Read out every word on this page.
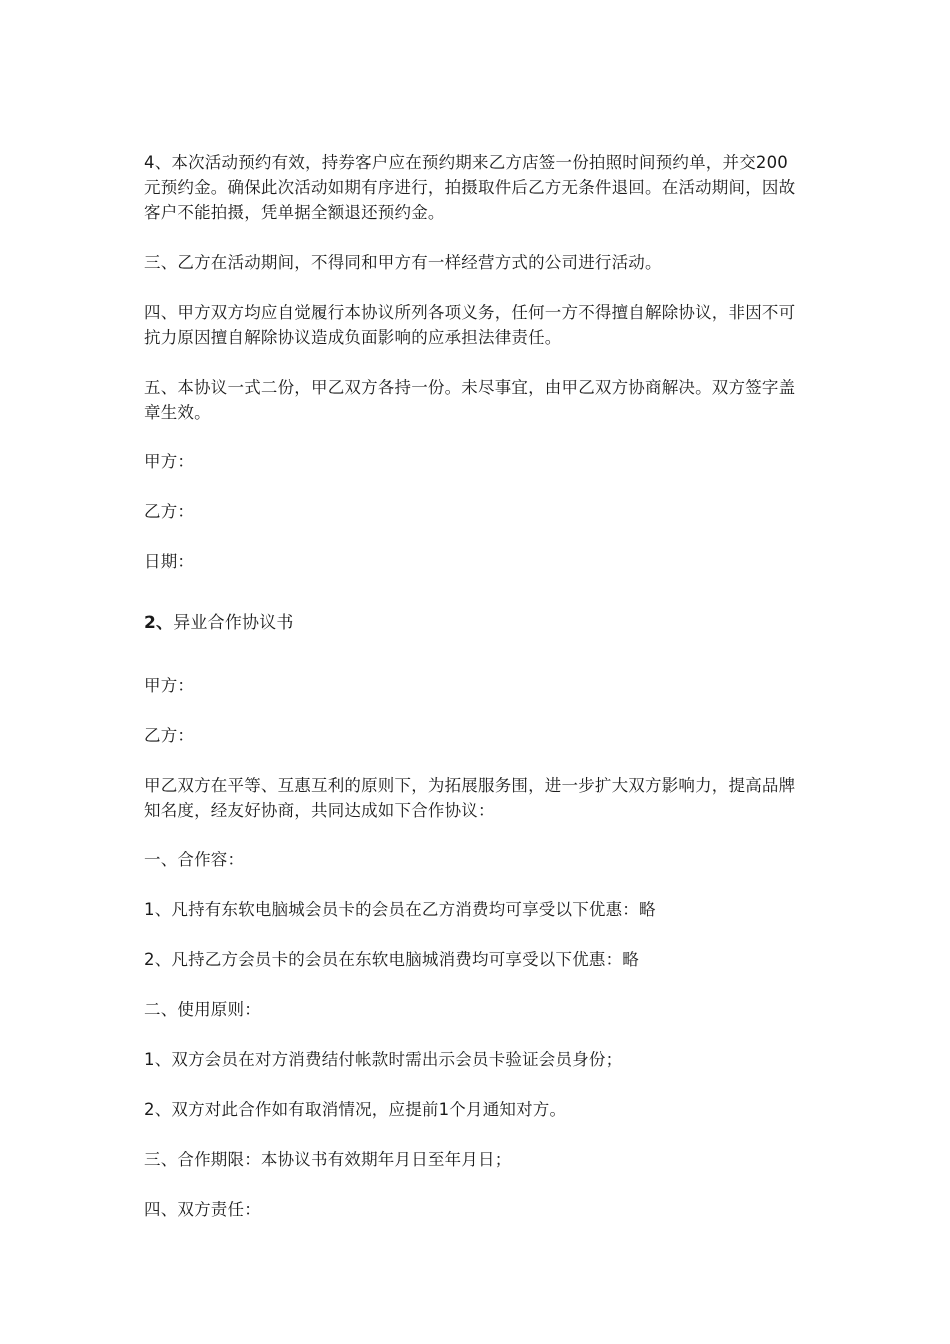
4、本次活动预约有效，持券客户应在预约期来乙方店签一份拍照时间预约单，并交200元预约金。确保此次活动如期有序进行，拍摄取件后乙方无条件退回。在活动期间，因故客户不能拍摄，凭单据全额退还预约金。

三、乙方在活动期间，不得同和甲方有一样经营方式的公司进行活动。

四、甲方双方均应自觉履行本协议所列各项义务，任何一方不得擅自解除协议，非因不可抗力原因擅自解除协议造成负面影响的应承担法律责任。

五、本协议一式二份，甲乙双方各持一份。未尽事宜，由甲乙双方协商解决。双方签字盖章生效。

甲方：

乙方：

日期：

2、异业合作协议书

甲方：

乙方：

甲乙双方在平等、互惠互利的原则下，为拓展服务围，进一步扩大双方影响力，提高品牌知名度，经友好协商，共同达成如下合作协议：

一、合作容：

1、凡持有东软电脑城会员卡的会员在乙方消费均可享受以下优惠：略

2、凡持乙方会员卡的会员在东软电脑城消费均可享受以下优惠：略

二、使用原则：

1、双方会员在对方消费结付帐款时需出示会员卡验证会员身份；

2、双方对此合作如有取消情况，应提前1个月通知对方。

三、合作期限：本协议书有效期年月日至年月日；

四、双方责任：
